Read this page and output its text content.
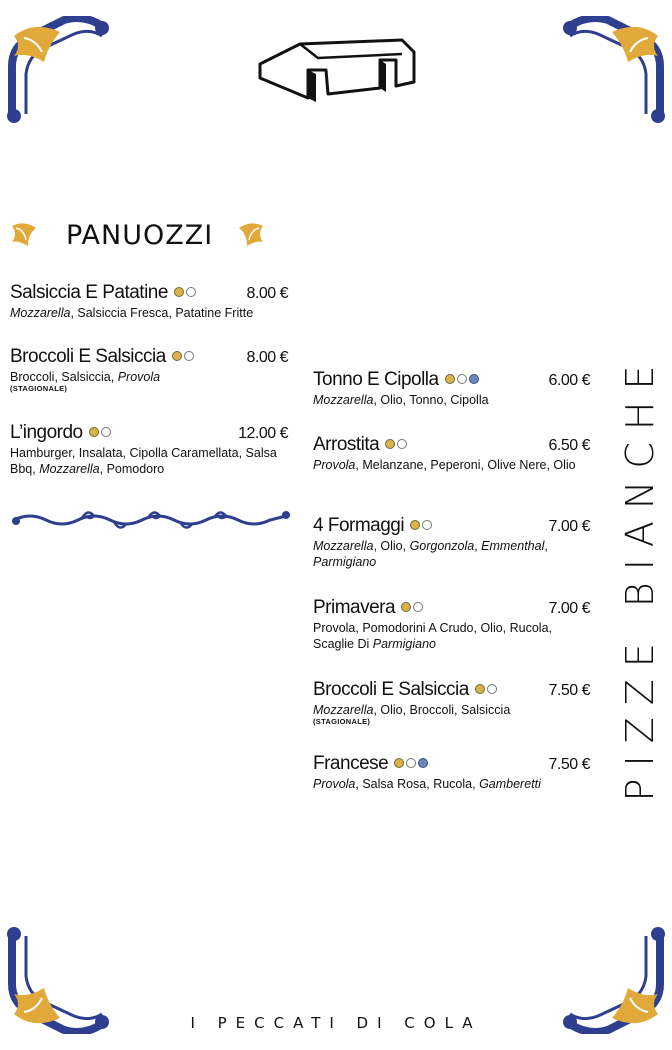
PANUOZZI
Salsiccia E Patatine	8.00 €
Mozzarella, Salsiccia Fresca, Patatine Fritte
Broccoli E Salsiccia	8.00 €
Broccoli, Salsiccia, Provola
(STAGIONALE)
L’ingordo	12.00 €
Hamburger, Insalata, Cipolla Caramellata, Salsa Bbq, Mozzarella, Pomodoro
Tonno E Cipolla	6.00 €
Mozzarella, Olio, Tonno, Cipolla
Arrostita	6.50 €
Provola, Melanzane, Peperoni, Olive Nere, Olio
4 Formaggi	7.00 €
Mozzarella, Olio, Gorgonzola, Emmenthal, Parmigiano
Primavera	7.00 €
Provola, Pomodorini A Crudo, Olio, Rucola, Scaglie Di Parmigiano
Broccoli E Salsiccia	7.50 €
Mozzarella, Olio, Broccoli, Salsiccia
(STAGIONALE)
Francese	7.50 €
Provola, Salsa Rosa, Rucola, Gamberetti	PIZZE BIANCHE
I PECCATI DI COLA
